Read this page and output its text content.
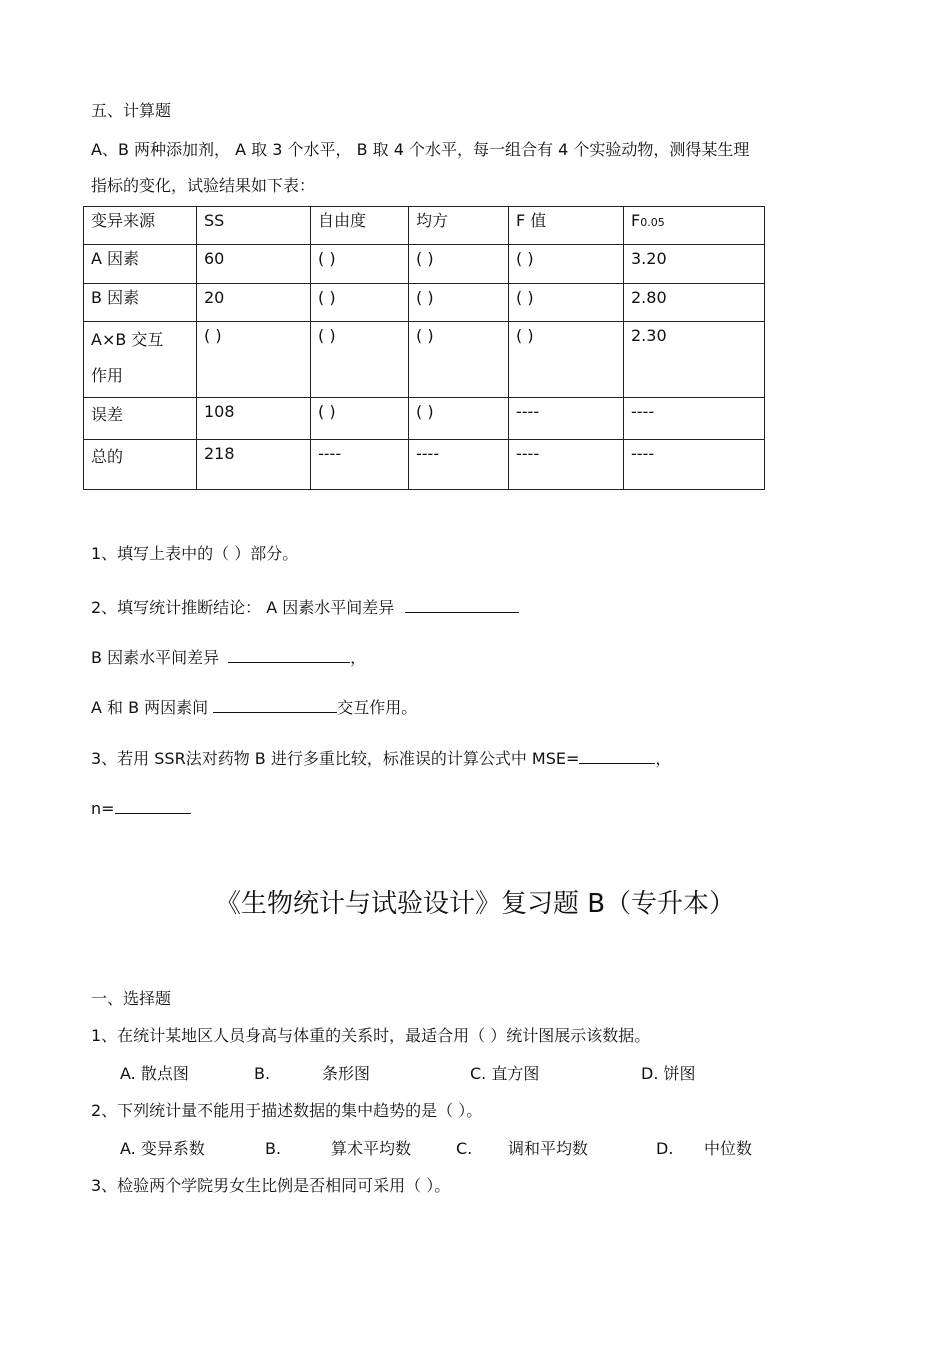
五、计算题
A、B 两种添加剂， A 取 3 个水平， B 取 4 个水平，每一组合有 4 个实验动物，测得某生理
指标的变化，试验结果如下表：
变异来源	SS	自由度	均方	F 值	F0.05
A 因素	60	( )	( )	( )	3.20
B 因素	20	( )	( )	( )	2.80
A×B 交互
作用	( )	( )	( )	( )	2.30
误差	108	( )	( )	----	----
总的	218	----	----	----	----
1、填写上表中的（ ）部分。
2、填写统计推断结论： A 因素水平间差异
B 因素水平间差异	，
A 和 B 两因素间	交互作用。
3、若用 SSR法对药物 B 进行多重比较，标准误的计算公式中 MSE=	，
n=
《生物统计与试验设计》复习题 B（专升本）
一、选择题
1、在统计某地区人员身高与体重的关系时，最适合用（ ）统计图展示该数据。
A. 散点图	B.	条形图	C. 直方图	D. 饼图
2、下列统计量不能用于描述数据的集中趋势的是（ ）。
A. 变异系数	B.	算术平均数	C. 调和平均数	D. 中位数
3、检验两个学院男女生比例是否相同可采用（ ）。
